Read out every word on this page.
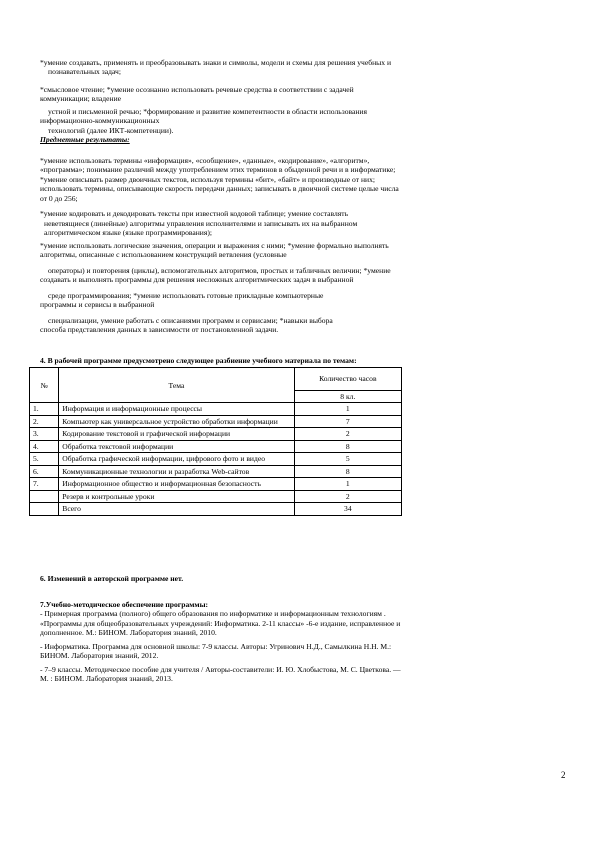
*умение создавать, применять и преобразовывать знаки и символы, модели и схемы для решения учебных и
познавательных задач;
*смысловое чтение; *умение осознанно использовать речевые средства в соответствии с задачей
коммуникации; владение
устной и письменной речью; *формирование и развитие компетентности в области использования
информационно-коммуникационных
технологий (далее ИКТ-компетенции).
Предметные результаты:
*умение использовать термины «информация», «сообщение», «данные», «кодирование», «алгоритм»,
«программа»; понимание различий между употреблением этих терминов в обыденной речи и в информатике;
*умение описывать размер двоичных текстов, используя термины «бит», «байт» и производные от них;
использовать термины, описывающие скорость передачи данных; записывать в двоичной системе целые числа
от 0 до 256;
*умение кодировать и декодировать тексты при известной кодовой таблице; умение составлять
неветвящиеся (линейные) алгоритмы управления исполнителями и записывать их на выбранном
алгоритмическом языке (языке программирования);
*умение использовать логические значения, операции и выражения с ними; *умение формально выполнять
алгоритмы, описанные с использованием конструкций ветвления (условные
операторы) и повторения (циклы), вспомогательных алгоритмов, простых и табличных величин; *умение
создавать и выполнять программы для решения несложных алгоритмических задач в выбранной
среде программирования; *умение использовать готовые прикладные компьютерные
программы и сервисы в выбранной
специализации, умение работать с описаниями программ и сервисами; *навыки выбора
способа представления данных в зависимости от постановленной задачи.
4. В рабочей программе предусмотрено следующее разбиение учебного материала по темам:
№	Тема	Количество часов
		8 кл.
1.	Информация и информационные процессы	1
2.	Компьютер как универсальное устройство обработки информации	7
3.	Кодирование текстовой и графической информации	2
4.	Обработка текстовой информации	8
5.	Обработка графической информации, цифрового фото и видео	5
6.	Коммуникационные технологии и разработка Web-сайтов	8
7.	Информационное общество и информационная безопасность	1
	Резерв и контрольные уроки	2
	Всего	34
6. Изменений в авторской программе нет.
7.Учебно-методическое обеспечение программы:
- Примерная программа (полного) общего образования по информатике и информационным технологиям .
«Программы для общеобразовательных учреждений: Информатика. 2-11 классы» -6-е издание, исправленное и
дополненное. М.: БИНОМ. Лаборатория знаний, 2010.
- Информатика. Программа для основной школы: 7-9 классы. Авторы: Угринович Н.Д., Самылкина Н.Н. М.:
БИНОМ. Лаборатория знаний, 2012.
- 7–9 классы. Методическое пособие для учителя / Авторы-составители: И. Ю. Хлобыстова, М. С. Цветкова. —
М. : БИНОМ. Лаборатория знаний, 2013.
2
